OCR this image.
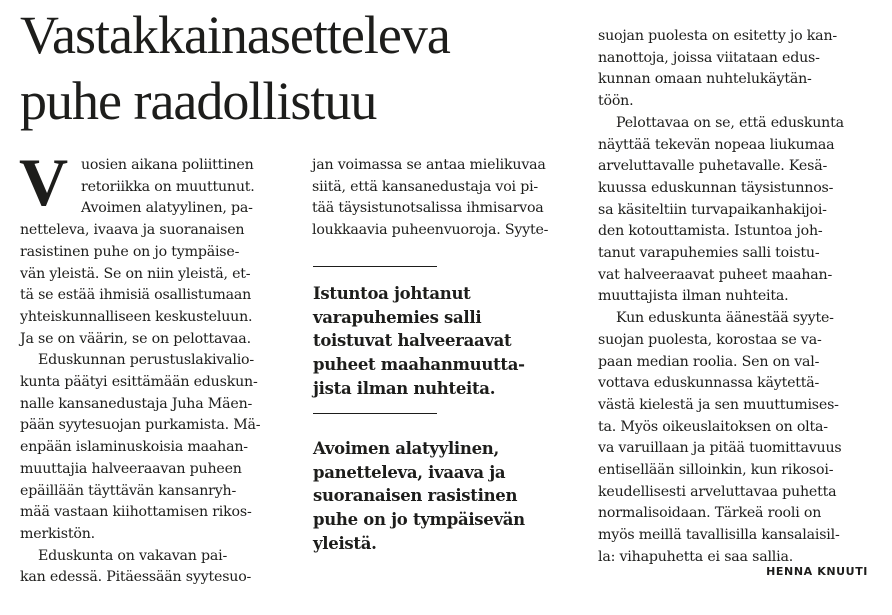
Vastakkainasetteleva
puhe raadollistuu
V uosien aikana poliittinen
retoriikka on muuttunut.
Avoimen alatyylinen, pa-
netteleva, ivaava ja suoranaisen
rasistinen puhe on jo tympäise-
vän yleistä. Se on niin yleistä, et-
tä se estää ihmisiä osallistumaan
yhteiskunnalliseen keskusteluun.
Ja se on väärin, se on pelottavaa.
Eduskunnan perustuslakivalio-
kunta päätyi esittämään eduskun-
nalle kansanedustaja Juha Mäen-
pään syytesuojan purkamista. Mä-
enpään islaminuskoisia maahan-
muuttajia halveeraavan puheen
epäillään täyttävän kansanryh-
mää vastaan kiihottamisen rikos-
merkistön.
Eduskunta on vakavan pai-
kan edessä. Pitäessään syytesuo-
jan voimassa se antaa mielikuvaa
siitä, että kansanedustaja voi pi-
tää täysistunotsalissa ihmisarvoa
loukkaavia puheenvuoroja. Syyte-
suojan puolesta on esitetty jo kan-
nanottoja, joissa viitataan edus-
kunnan omaan nuhtelukäytän-
töön.
Pelottavaa on se, että eduskunta
näyttää tekevän nopeaa liukumaa
arveluttavalle puhetavalle. Kesä-
kuussa eduskunnan täysistunnos-
sa käsiteltiin turvapaikanhakijoi-
den kotouttamista. Istuntoa joh-
tanut varapuhemies salli toistu-
vat halveeraavat puheet maahan-
muuttajista ilman nuhteita.
Kun eduskunta äänestää syyte-
suojan puolesta, korostaa se va-
paan median roolia. Sen on val-
vottava eduskunnassa käytettä-
västä kielestä ja sen muuttumises-
ta. Myös oikeuslaitoksen on olta-
va varuillaan ja pitää tuomittavuus
entisellään silloinkin, kun rikosoi-
keudellisesti arveluttavaa puhetta
normalisoidaan. Tärkeä rooli on
myös meillä tavallisilla kansalaisil-
la: vihapuhetta ei saa sallia.
Istuntoa johtanut
varapuhemies salli
toistuvat halveeraavat
puheet maahanmuutta-
jista ilman nuhteita.
Avoimen alatyylinen,
panetteleva, ivaava ja
suoranaisen rasistinen
puhe on jo tympäisevän
yleistä.
HENNA KNUUTI
